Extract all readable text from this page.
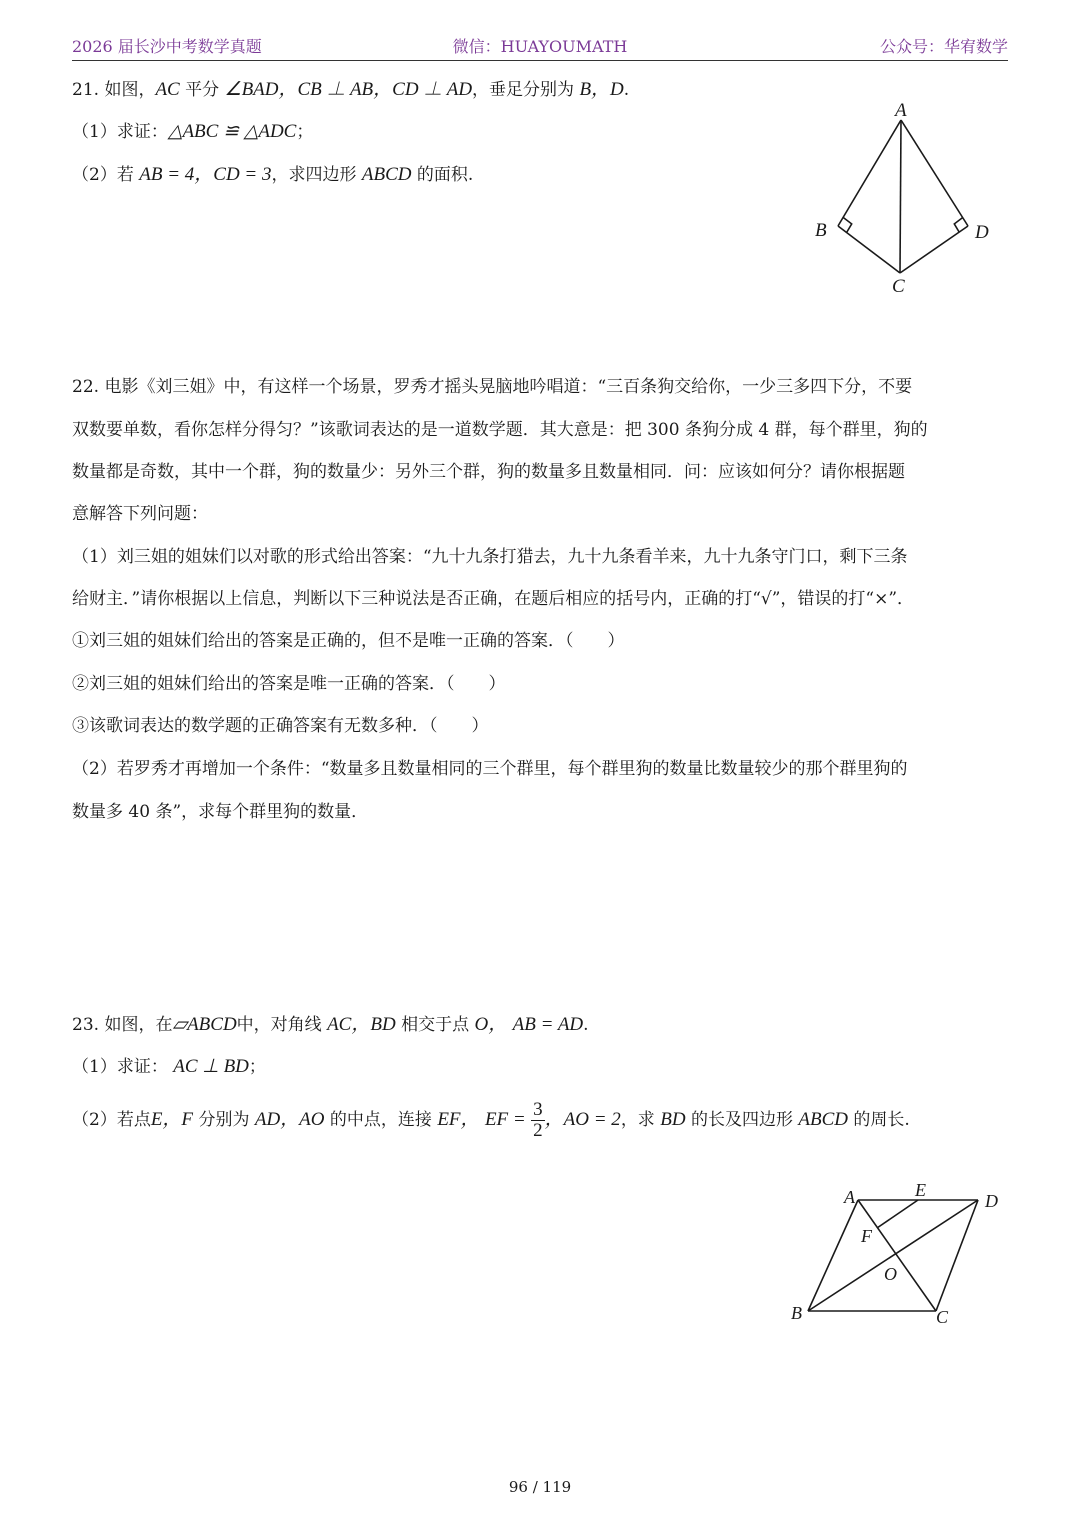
2026 届长沙中考数学真题	微信：HUAYOUMATH	公众号：华宥数学
21. 如图，AC 平分 ∠BAD，CB ⊥ AB，CD ⊥ AD，垂足分别为 B，D.
（1）求证：△ABC ≌ △ADC；
（2）若 AB = 4，CD = 3，求四边形 ABCD 的面积.
A
B	D
C
22. 电影《刘三姐》中，有这样一个场景，罗秀才摇头晃脑地吟唱道：“三百条狗交给你，一少三多四下分，不要
双数要单数，看你怎样分得匀？”该歌词表达的是一道数学题．其大意是：把 300 条狗分成 4 群，每个群里，狗的
数量都是奇数，其中一个群，狗的数量少：另外三个群，狗的数量多且数量相同．问：应该如何分？请你根据题
意解答下列问题：
（1）刘三姐的姐妹们以对歌的形式给出答案：“九十九条打猎去，九十九条看羊来，九十九条守门口，剩下三条
给财主．”请你根据以上信息，判断以下三种说法是否正确，在题后相应的括号内，正确的打“√”，错误的打“×”．
①刘三姐的姐妹们给出的答案是正确的，但不是唯一正确的答案．（　　）
②刘三姐的姐妹们给出的答案是唯一正确的答案．（　　）
③该歌词表达的数学题的正确答案有无数多种．（　　）
（2）若罗秀才再增加一个条件：“数量多且数量相同的三个群里，每个群里狗的数量比数量较少的那个群里狗的
数量多 40 条”，求每个群里狗的数量．
23. 如图，在▱ABCD中，对角线 AC，BD 相交于点 O， AB = AD.
（1）求证： AC ⊥ BD；
（2）若点E，F 分别为 AD，AO 的中点，连接 EF， EF = $\frac{3}{2}$ ，AO = 2，求 BD 的长及四边形 ABCD 的周长.
A	E
D
F
O
B	C
96 / 119
